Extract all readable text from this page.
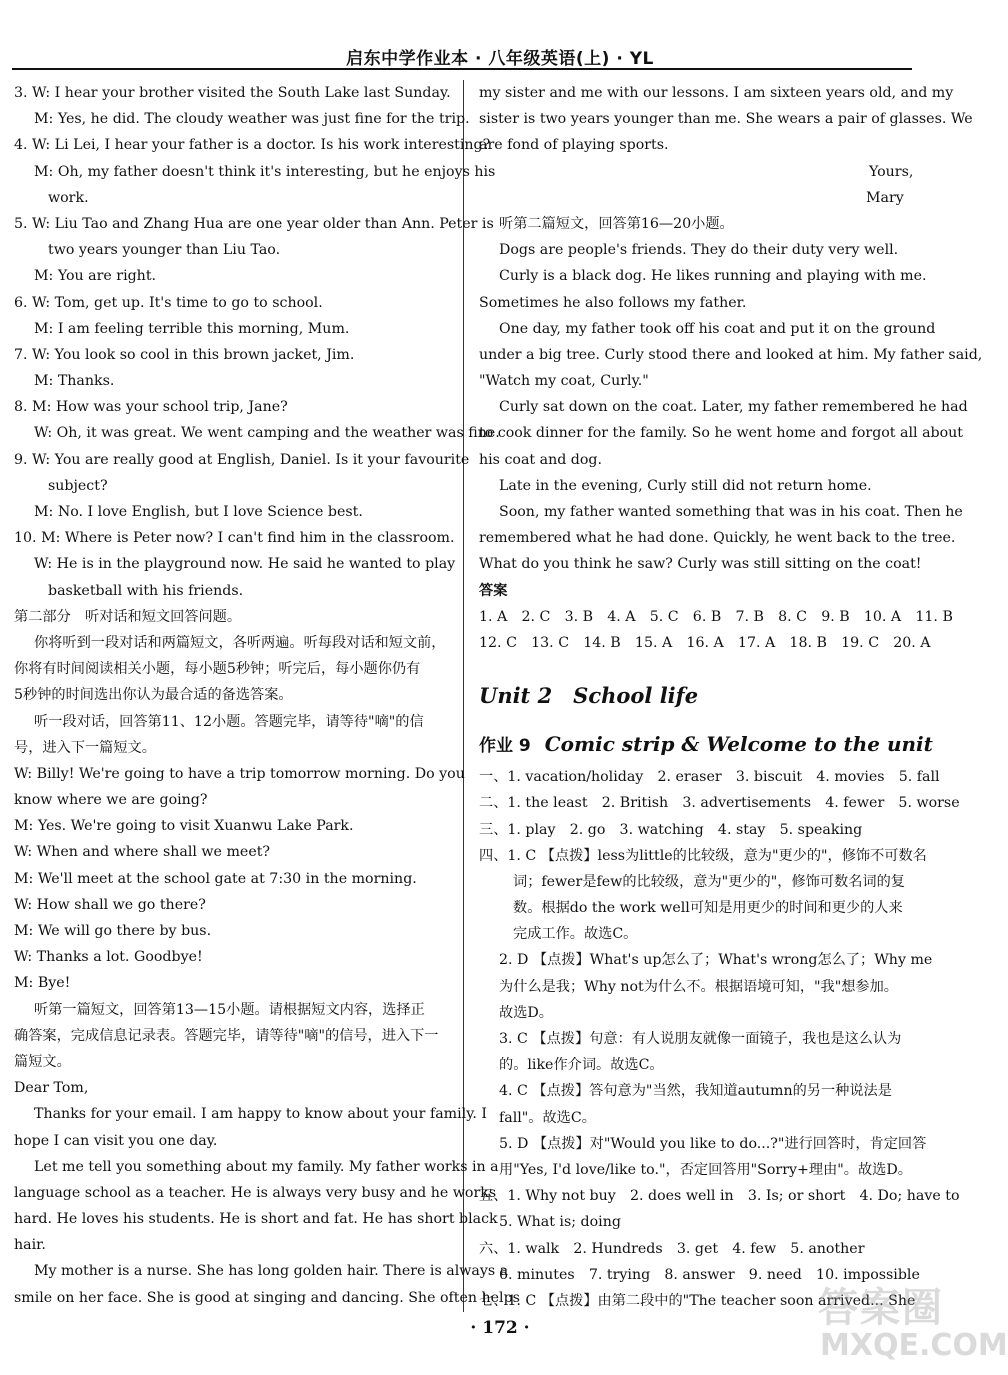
启东中学作业本 · 八年级英语(上) · YL
3. W: I hear your brother visited the South Lake last Sunday.
M: Yes, he did. The cloudy weather was just fine for the trip.
4. W: Li Lei, I hear your father is a doctor. Is his work interesting?
M: Oh, my father doesn't think it's interesting, but he enjoys his
work.
5. W: Liu Tao and Zhang Hua are one year older than Ann. Peter is
two years younger than Liu Tao.
M: You are right.
6. W: Tom, get up. It's time to go to school.
M: I am feeling terrible this morning, Mum.
7. W: You look so cool in this brown jacket, Jim.
M: Thanks.
8. M: How was your school trip, Jane?
W: Oh, it was great. We went camping and the weather was fine.
9. W: You are really good at English, Daniel. Is it your favourite
subject?
M: No. I love English, but I love Science best.
10. M: Where is Peter now? I can't find him in the classroom.
W: He is in the playground now. He said he wanted to play
basketball with his friends.
第二部分　听对话和短文回答问题。
你将听到一段对话和两篇短文，各听两遍。听每段对话和短文前，
你将有时间阅读相关小题，每小题5秒钟；听完后，每小题你仍有
5秒钟的时间选出你认为最合适的备选答案。
听一段对话，回答第11、12小题。答题完毕，请等待"嘀"的信
号，进入下一篇短文。
W: Billy! We're going to have a trip tomorrow morning. Do you
know where we are going?
M: Yes. We're going to visit Xuanwu Lake Park.
W: When and where shall we meet?
M: We'll meet at the school gate at 7:30 in the morning.
W: How shall we go there?
M: We will go there by bus.
W: Thanks a lot. Goodbye!
M: Bye!
听第一篇短文，回答第13—15小题。请根据短文内容，选择正
确答案，完成信息记录表。答题完毕，请等待"嘀"的信号，进入下一
篇短文。
Dear Tom,
Thanks for your email. I am happy to know about your family. I
hope I can visit you one day.
Let me tell you something about my family. My father works in a
language school as a teacher. He is always very busy and he works
hard. He loves his students. He is short and fat. He has short black
hair.
My mother is a nurse. She has long golden hair. There is always a
smile on her face. She is good at singing and dancing. She often helps
my sister and me with our lessons. I am sixteen years old, and my
sister is two years younger than me. She wears a pair of glasses. We
are fond of playing sports.
Yours,
Mary
听第二篇短文，回答第16—20小题。
Dogs are people's friends. They do their duty very well.
Curly is a black dog. He likes running and playing with me.
Sometimes he also follows my father.
One day, my father took off his coat and put it on the ground
under a big tree. Curly stood there and looked at him. My father said,
"Watch my coat, Curly."
Curly sat down on the coat. Later, my father remembered he had
to cook dinner for the family. So he went home and forgot all about
his coat and dog.
Late in the evening, Curly still did not return home.
Soon, my father wanted something that was in his coat. Then he
remembered what he had done. Quickly, he went back to the tree.
What do you think he saw? Curly was still sitting on the coat!
答案
1. A　2. C　3. B　4. A　5. C　6. B　7. B　8. C　9. B　10. A　11. B
12. C　13. C　14. B　15. A　16. A　17. A　18. B　19. C　20. A
Unit 2　School life
作业 9 Comic strip & Welcome to the unit
一、1. vacation/holiday　2. eraser　3. biscuit　4. movies　5. fall
二、1. the least　2. British　3. advertisements　4. fewer　5. worse
三、1. play　2. go　3. watching　4. stay　5. speaking
四、1. C 【点拨】less为little的比较级，意为"更少的"，修饰不可数名
词；fewer是few的比较级，意为"更少的"，修饰可数名词的复
数。根据do the work well可知是用更少的时间和更少的人来
完成工作。故选C。
2. D 【点拨】What's up怎么了；What's wrong怎么了；Why me
为什么是我；Why not为什么不。根据语境可知，"我"想参加。
故选D。
3. C 【点拨】句意：有人说朋友就像一面镜子，我也是这么认为
的。like作介词。故选C。
4. C 【点拨】答句意为"当然，我知道autumn的另一种说法是
fall"。故选C。
5. D 【点拨】对"Would you like to do...?"进行回答时，肯定回答
用"Yes, I'd love/like to."，否定回答用"Sorry+理由"。故选D。
五、1. Why not buy　2. does well in　3. Is; or short　4. Do; have to
5. What is; doing
六、1. walk　2. Hundreds　3. get　4. few　5. another
6. minutes　7. trying　8. answer　9. need　10. impossible
七、1. C 【点拨】由第二段中的"The teacher soon arrived... She
· 172 ·	答案圈
MXQE.COM
